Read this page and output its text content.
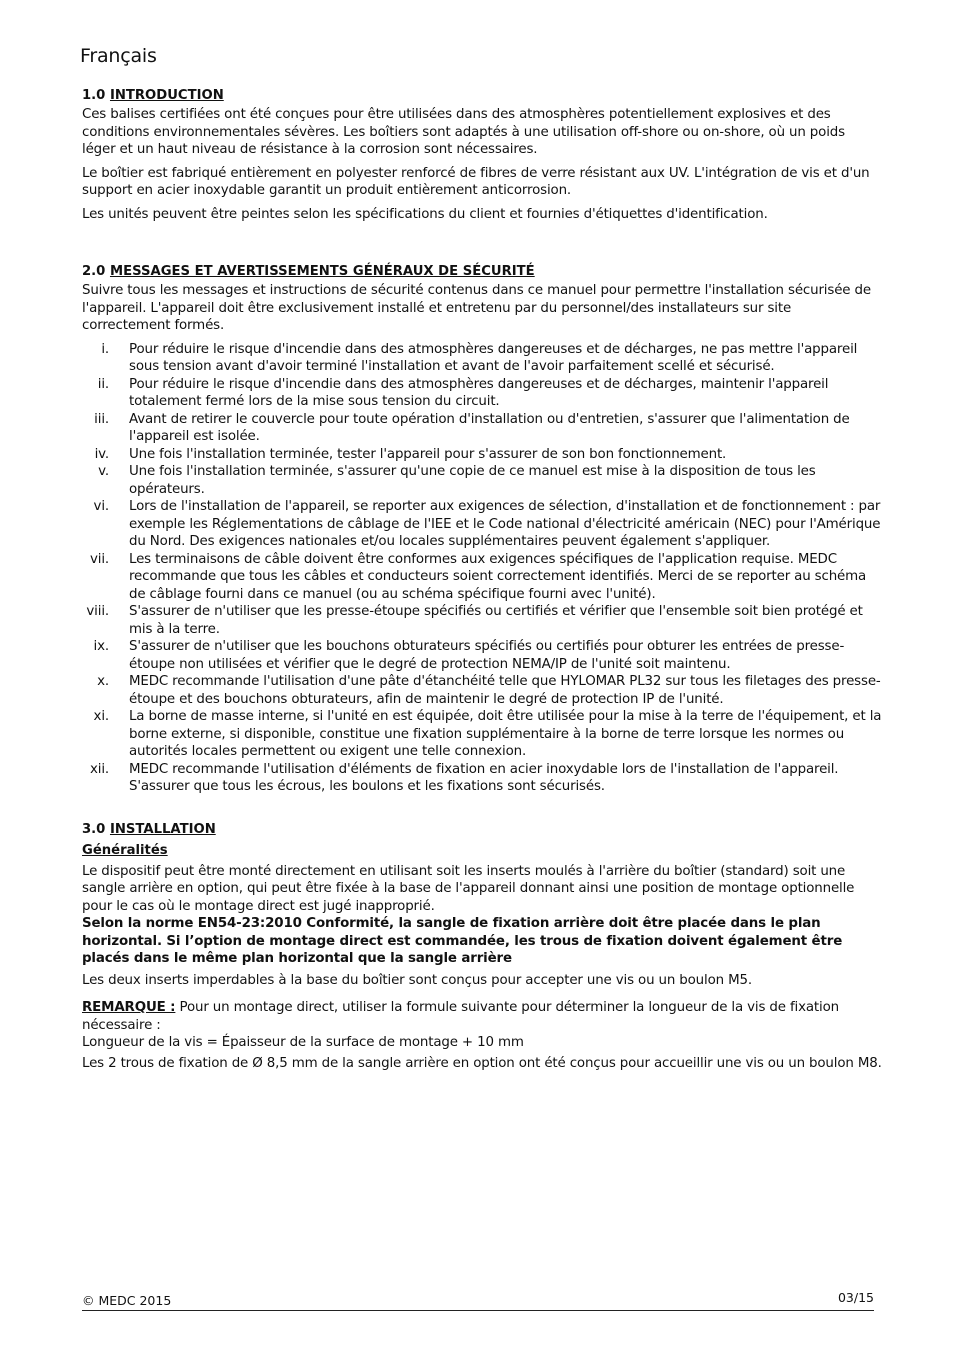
Français
1.0 INTRODUCTION

Ces balises certifiées ont été conçues pour être utilisées dans des atmosphères potentiellement explosives et des conditions environnementales sévères. Les boîtiers sont adaptés à une utilisation off-shore ou on-shore, où un poids léger et un haut niveau de résistance à la corrosion sont nécessaires.

Le boîtier est fabriqué entièrement en polyester renforcé de fibres de verre résistant aux UV. L'intégration de vis et d'un support en acier inoxydable garantit un produit entièrement anticorrosion.

Les unités peuvent être peintes selon les spécifications du client et fournies d'étiquettes d'identification.

2.0 MESSAGES ET AVERTISSEMENTS GÉNÉRAUX DE SÉCURITÉ

Suivre tous les messages et instructions de sécurité contenus dans ce manuel pour permettre l'installation sécurisée de l'appareil. L'appareil doit être exclusivement installé et entretenu par du personnel/des installateurs sur site correctement formés.

i. Pour réduire le risque d'incendie dans des atmosphères dangereuses et de décharges, ne pas mettre l'appareil sous tension avant d'avoir terminé l'installation et avant de l'avoir parfaitement scellé et sécurisé.
ii. Pour réduire le risque d'incendie dans des atmosphères dangereuses et de décharges, maintenir l'appareil totalement fermé lors de la mise sous tension du circuit.
iii. Avant de retirer le couvercle pour toute opération d'installation ou d'entretien, s'assurer que l'alimentation de l'appareil est isolée.
iv. Une fois l'installation terminée, tester l'appareil pour s'assurer de son bon fonctionnement.
v. Une fois l'installation terminée, s'assurer qu'une copie de ce manuel est mise à la disposition de tous les opérateurs.
vi. Lors de l'installation de l'appareil, se reporter aux exigences de sélection, d'installation et de fonctionnement : par exemple les Réglementations de câblage de l'IEE et le Code national d'électricité américain (NEC) pour l'Amérique du Nord. Des exigences nationales et/ou locales supplémentaires peuvent également s'appliquer.
vii. Les terminaisons de câble doivent être conformes aux exigences spécifiques de l'application requise. MEDC recommande que tous les câbles et conducteurs soient correctement identifiés. Merci de se reporter au schéma de câblage fourni dans ce manuel (ou au schéma spécifique fourni avec l'unité).
viii. S'assurer de n'utiliser que les presse-étoupe spécifiés ou certifiés et vérifier que l'ensemble soit bien protégé et mis à la terre.
ix. S'assurer de n'utiliser que les bouchons obturateurs spécifiés ou certifiés pour obturer les entrées de presse-étoupe non utilisées et vérifier que le degré de protection NEMA/IP de l'unité soit maintenu.
x. MEDC recommande l'utilisation d'une pâte d'étanchéité telle que HYLOMAR PL32 sur tous les filetages des presse-étoupe et des bouchons obturateurs, afin de maintenir le degré de protection IP de l'unité.
xi. La borne de masse interne, si l'unité en est équipée, doit être utilisée pour la mise à la terre de l'équipement, et la borne externe, si disponible, constitue une fixation supplémentaire à la borne de terre lorsque les normes ou autorités locales permettent ou exigent une telle connexion.
xii. MEDC recommande l'utilisation d'éléments de fixation en acier inoxydable lors de l'installation de l'appareil. S'assurer que tous les écrous, les boulons et les fixations sont sécurisés.
3.0 INSTALLATION
Généralités

Le dispositif peut être monté directement en utilisant soit les inserts moulés à l'arrière du boîtier (standard) soit une sangle arrière en option, qui peut être fixée à la base de l'appareil donnant ainsi une position de montage optionnelle pour le cas où le montage direct est jugé inapproprié.
Selon la norme EN54-23:2010 Conformité, la sangle de fixation arrière doit être placée dans le plan horizontal. Si l’option de montage direct est commandée, les trous de fixation doivent également être placés dans le même plan horizontal que la sangle arrière

Les deux inserts imperdables à la base du boîtier sont conçus pour accepter une vis ou un boulon M5.

REMARQUE : Pour un montage direct, utiliser la formule suivante pour déterminer la longueur de la vis de fixation nécessaire :
Longueur de la vis = Épaisseur de la surface de montage + 10 mm

Les 2 trous de fixation de Ø 8,5 mm de la sangle arrière en option ont été conçus pour accueillir une vis ou un boulon M8.

© MEDC 2015	03/15
